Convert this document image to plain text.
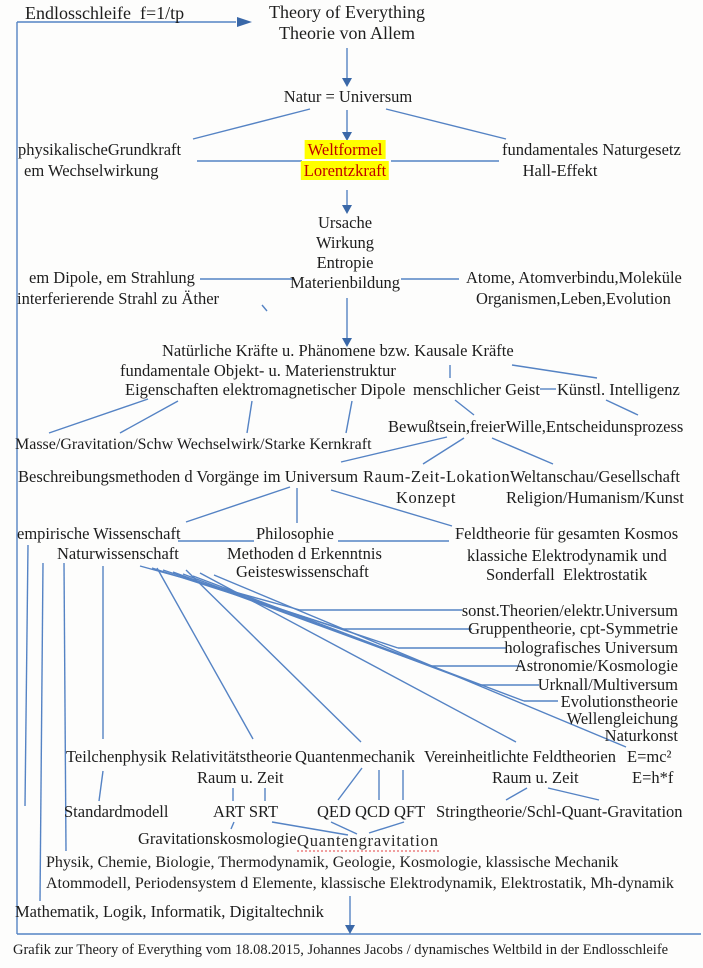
Endlosschleife  f=1/tp	Theory of Everything
Theorie von Allem
Natur = Universum
physikalischeGrundkraft
em Wechselwirkung
Weltformel
Lorentzkraft
fundamentales Naturgesetz
Hall-Effekt
Ursache
Wirkung
Entropie
Materienbildung
em Dipole, em Strahlung
interferierende Strahl zu Äther
Atome, Atomverbindu,Moleküle
Organismen,Leben,Evolution
Natürliche Kräfte u. Phänomene bzw. Kausale Kräfte
fundamentale Objekt- u. Materienstruktur
Eigenschaften elektromagnetischer Dipole menschlicher Geist Künstl. Intelligenz
Bewußtsein,freierWille,Entscheidunsprozess
Masse/Gravitation/Schw Wechselwirk/Starke Kernkraft
Beschreibungsmethoden d Vorgänge im Universum Raum-Zeit-Lokation Weltanschau/Gesellschaft
Konzept	Religion/Humanism/Kunst
empirische Wissenschaft	Philosophie	Feldtheorie für gesamten Kosmos
Naturwissenschaft	Methoden d Erkenntnis	klassiche Elektrodynamik und
Geisteswissenschaft	Sonderfall  Elektrostatik
sonst.Theorien/elektr.Universum
Gruppentheorie, cpt-Symmetrie
holografisches Universum
Astronomie/Kosmologie
Urknall/Multiversum
Evolutionstheorie
Wellengleichung
Naturkonst
Teilchenphysik Relativitätstheorie Quantenmechanik Vereinheitlichte Feldtheorien E=mc²
Raum u. Zeit	Raum u. Zeit	E=h*f
Standardmodell	ART SRT QED QCD QFT Stringtheorie/Schl-Quant-Gravitation
Gravitationskosmologie Quantengravitation
Physik, Chemie, Biologie, Thermodynamik, Geologie, Kosmologie, klassische Mechanik
Atommodell, Periodensystem d Elemente, klassische Elektrodynamik, Elektrostatik, Mh-dynamik
Mathematik, Logik, Informatik, Digitaltechnik
Grafik zur Theory of Everything vom 18.08.2015, Johannes Jacobs / dynamisches Weltbild in der Endlosschleife
